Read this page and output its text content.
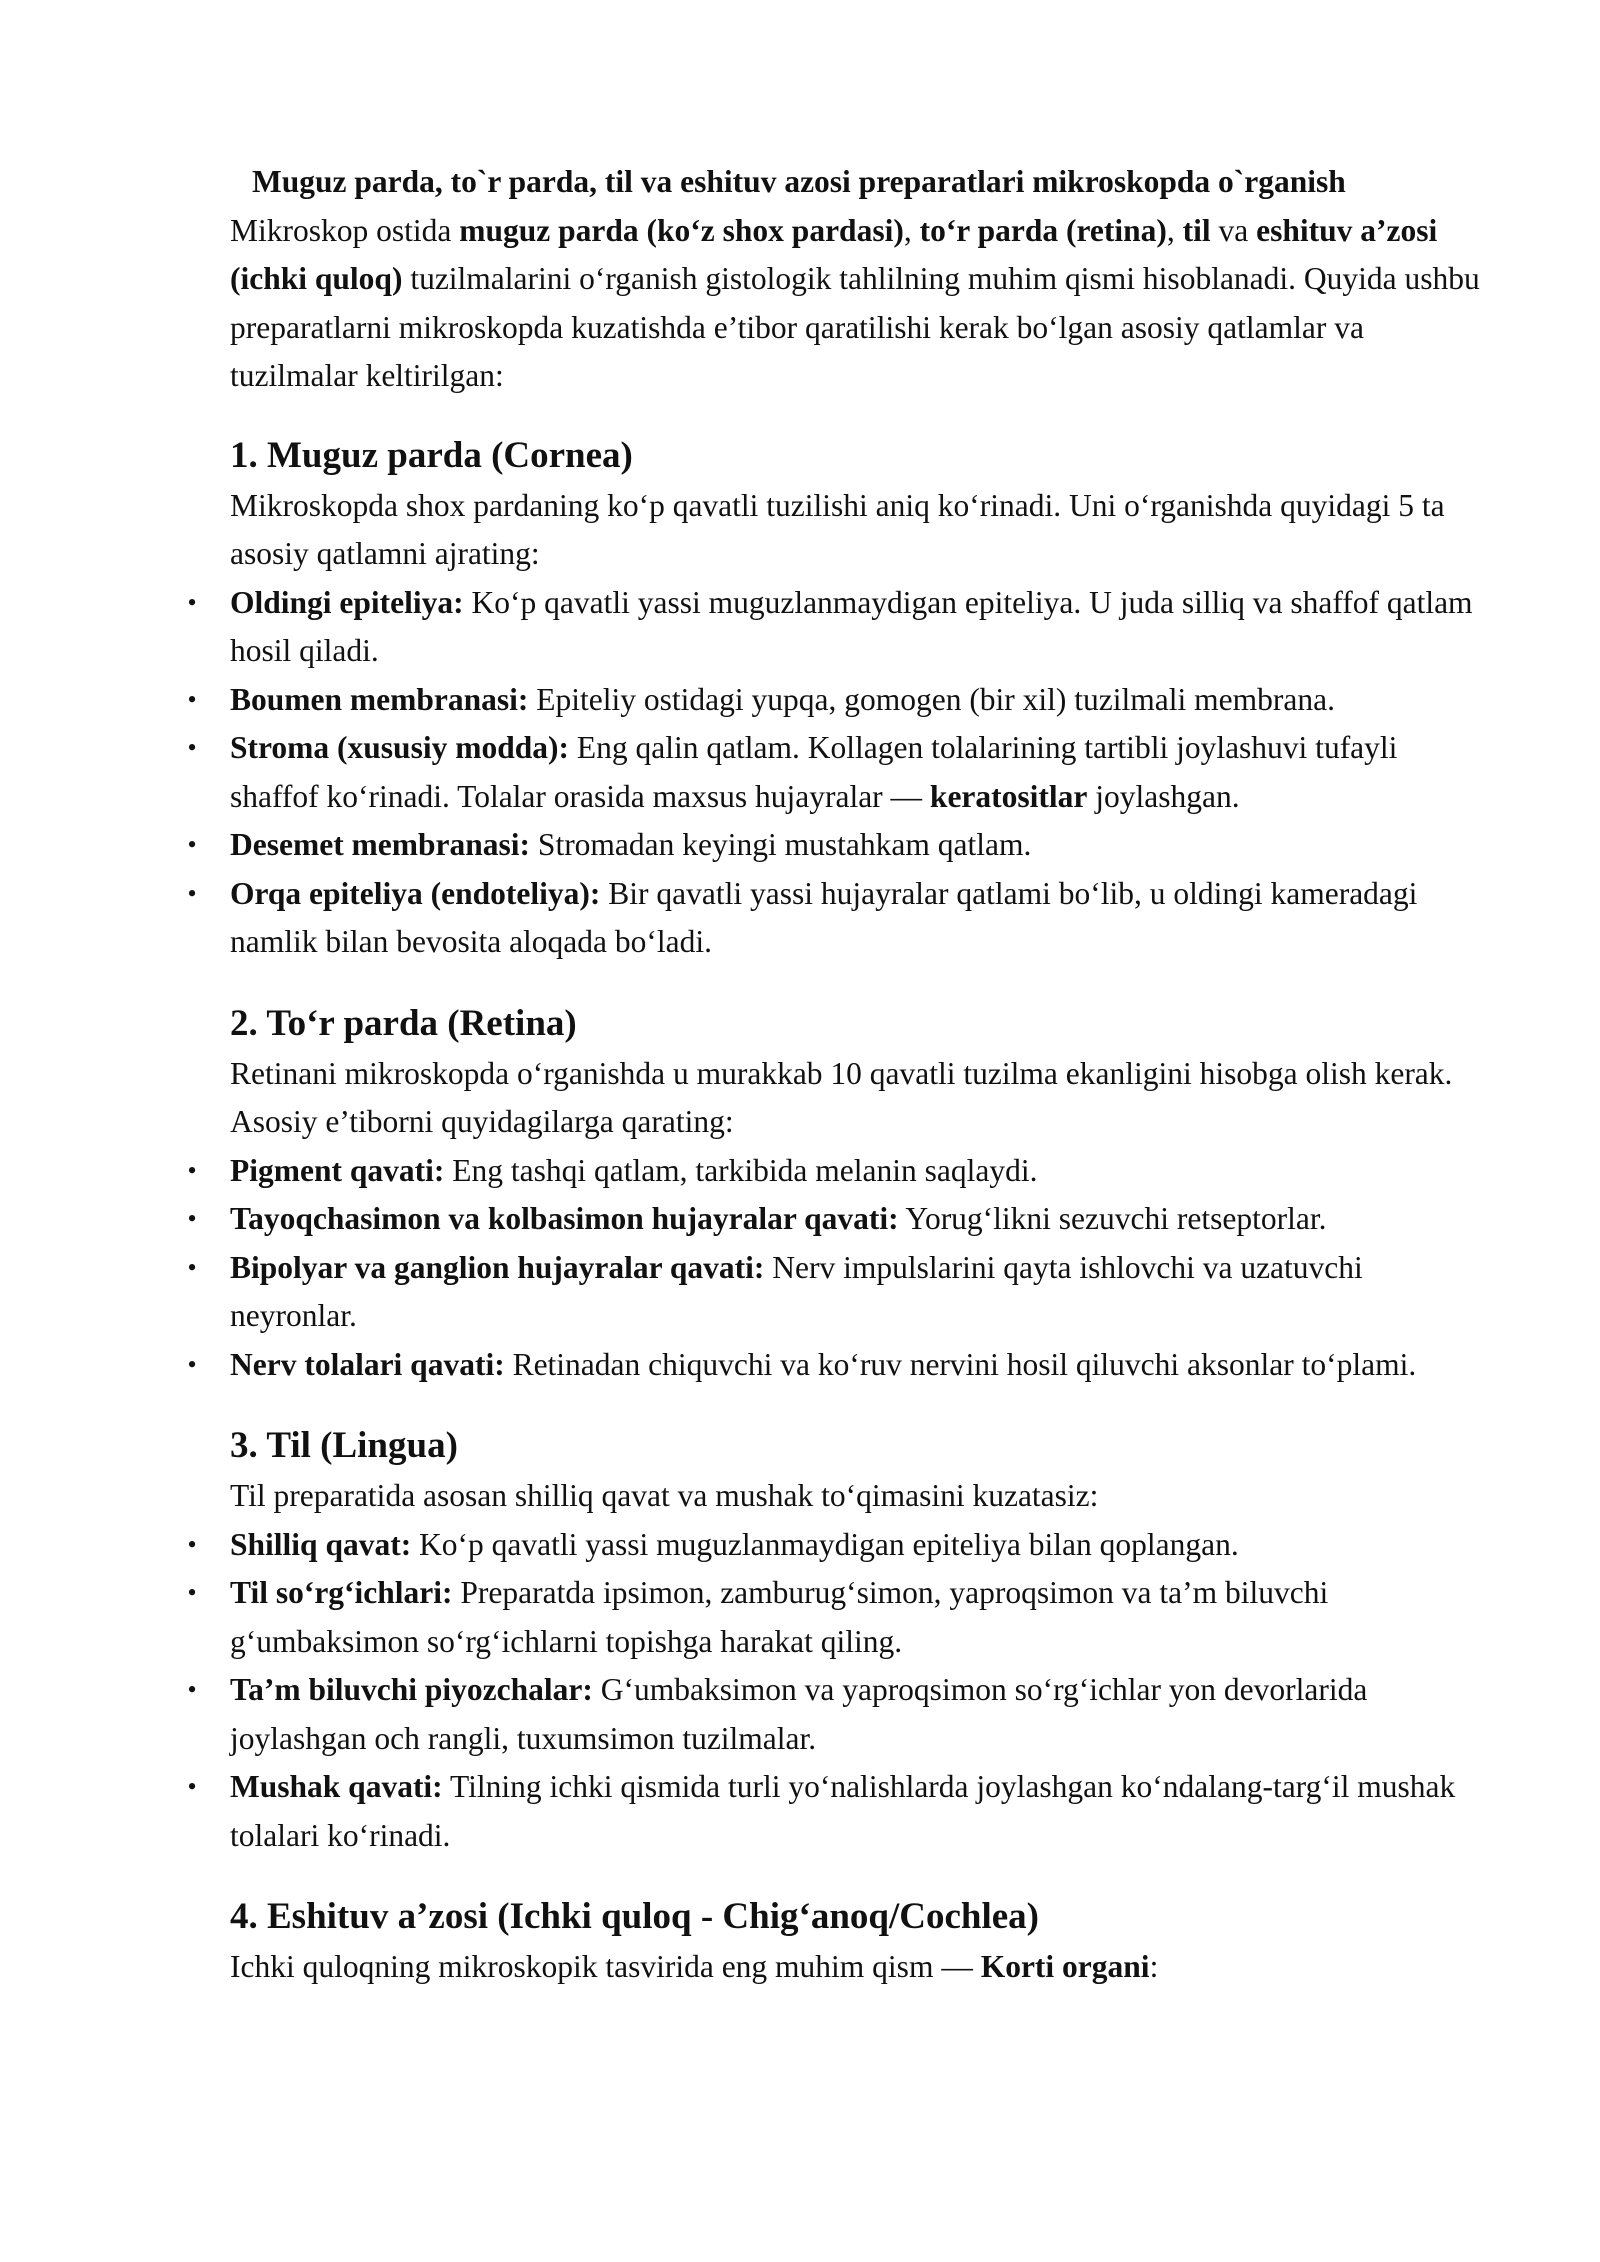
Muguz parda, to`r parda, til va eshituv azosi preparatlari mikroskopda o`rganish

Mikroskop ostida muguz parda (ko‘z shox pardasi), to‘r parda (retina), til va eshituv a’zosi (ichki quloq) tuzilmalarini o‘rganish gistologik tahlilning muhim qismi hisoblanadi. Quyida ushbu preparatlarni mikroskopda kuzatishda e’tibor qaratilishi kerak bo‘lgan asosiy qatlamlar va tuzilmalar keltirilgan:

1. Muguz parda (Cornea)

Mikroskopda shox pardaning ko‘p qavatli tuzilishi aniq ko‘rinadi. Uni o‘rganishda quyidagi 5 ta asosiy qatlamni ajrating:

• Oldingi epiteliya: Ko‘p qavatli yassi muguzlanmaydigan epiteliya. U juda silliq va shaffof qatlam hosil qiladi.
• Boumen membranasi: Epiteliy ostidagi yupqa, gomogen (bir xil) tuzilmali membrana.
• Stroma (xususiy modda): Eng qalin qatlam. Kollagen tolalarining tartibli joylashuvi tufayli shaffof ko‘rinadi. Tolalar orasida maxsus hujayralar — keratositlar joylashgan.
• Desemet membranasi: Stromadan keyingi mustahkam qatlam.
• Orqa epiteliya (endoteliya): Bir qavatli yassi hujayralar qatlami bo‘lib, u oldingi kameradagi namlik bilan bevosita aloqada bo‘ladi.
2. To‘r parda (Retina)

Retinani mikroskopda o‘rganishda u murakkab 10 qavatli tuzilma ekanligini hisobga olish kerak. Asosiy e’tiborni quyidagilarga qarating:

• Pigment qavati: Eng tashqi qatlam, tarkibida melanin saqlaydi.
• Tayoqchasimon va kolbasimon hujayralar qavati: Yorug‘likni sezuvchi retseptorlar.
• Bipolyar va ganglion hujayralar qavati: Nerv impulslarini qayta ishlovchi va uzatuvchi neyronlar.
• Nerv tolalari qavati: Retinadan chiquvchi va ko‘ruv nervini hosil qiluvchi aksonlar to‘plami.
3. Til (Lingua)

Til preparatida asosan shilliq qavat va mushak to‘qimasini kuzatasiz:

• Shilliq qavat: Ko‘p qavatli yassi muguzlanmaydigan epiteliya bilan qoplangan.
• Til so‘rg‘ichlari: Preparatda ipsimon, zamburug‘simon, yaproqsimon va ta’m biluvchi g‘umbaksimon so‘rg‘ichlarni topishga harakat qiling.
• Ta’m biluvchi piyozchalar: G‘umbaksimon va yaproqsimon so‘rg‘ichlar yon devorlarida joylashgan och rangli, tuxumsimon tuzilmalar.
• Mushak qavati: Tilning ichki qismida turli yo‘nalishlarda joylashgan ko‘ndalang-targ‘il mushak tolalari ko‘rinadi.
4. Eshituv a’zosi (Ichki quloq - Chig‘anoq/Cochlea)

Ichki quloqning mikroskopik tasvirida eng muhim qism — Korti organi:
